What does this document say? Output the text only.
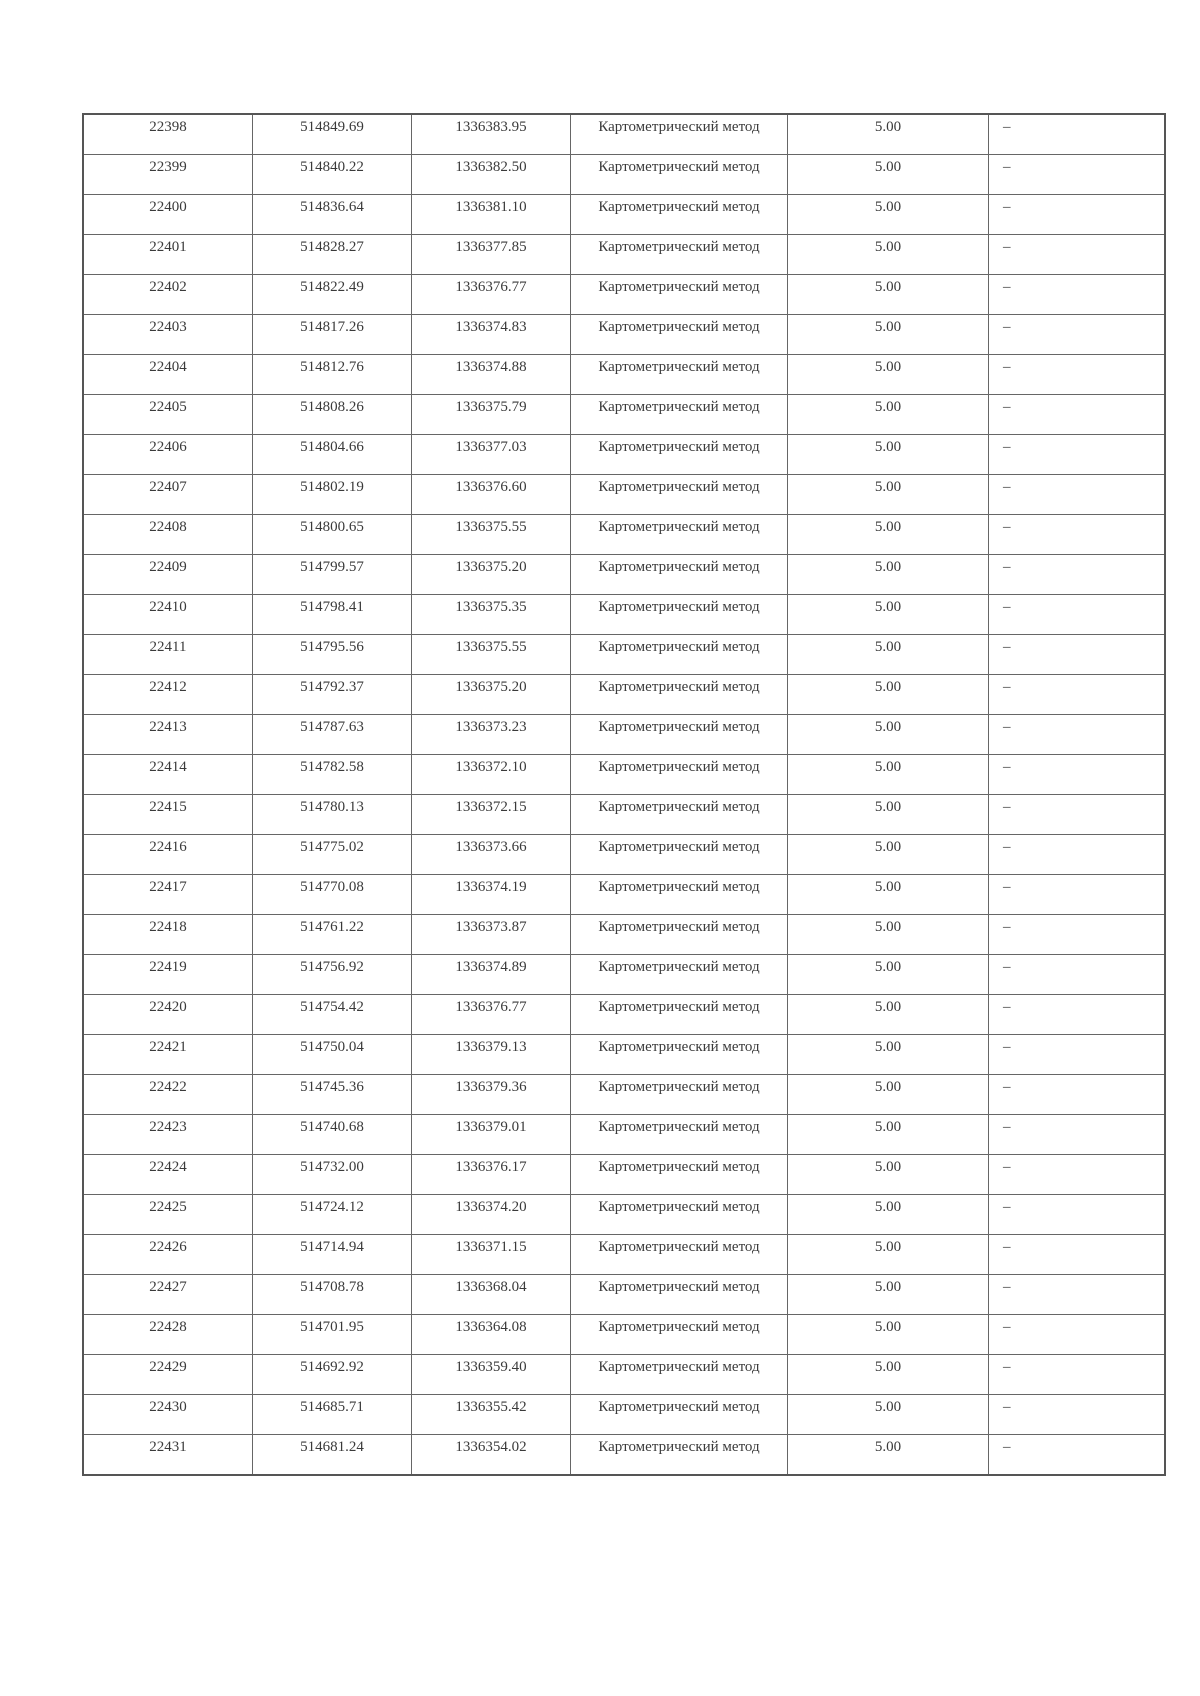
22398	514849.69	1336383.95	Картометрический метод	5.00	–

22399	514840.22	1336382.50	Картометрический метод	5.00	–

22400	514836.64	1336381.10	Картометрический метод	5.00	–

22401	514828.27	1336377.85	Картометрический метод	5.00	–

22402	514822.49	1336376.77	Картометрический метод	5.00	–

22403	514817.26	1336374.83	Картометрический метод	5.00	–

22404	514812.76	1336374.88	Картометрический метод	5.00	–

22405	514808.26	1336375.79	Картометрический метод	5.00	–

22406	514804.66	1336377.03	Картометрический метод	5.00	–

22407	514802.19	1336376.60	Картометрический метод	5.00	–

22408	514800.65	1336375.55	Картометрический метод	5.00	–

22409	514799.57	1336375.20	Картометрический метод	5.00	–

22410	514798.41	1336375.35	Картометрический метод	5.00	–

22411	514795.56	1336375.55	Картометрический метод	5.00	–

22412	514792.37	1336375.20	Картометрический метод	5.00	–

22413	514787.63	1336373.23	Картометрический метод	5.00	–

22414	514782.58	1336372.10	Картометрический метод	5.00	–

22415	514780.13	1336372.15	Картометрический метод	5.00	–

22416	514775.02	1336373.66	Картометрический метод	5.00	–

22417	514770.08	1336374.19	Картометрический метод	5.00	–

22418	514761.22	1336373.87	Картометрический метод	5.00	–

22419	514756.92	1336374.89	Картометрический метод	5.00	–

22420	514754.42	1336376.77	Картометрический метод	5.00	–

22421	514750.04	1336379.13	Картометрический метод	5.00	–

22422	514745.36	1336379.36	Картометрический метод	5.00	–

22423	514740.68	1336379.01	Картометрический метод	5.00	–

22424	514732.00	1336376.17	Картометрический метод	5.00	–

22425	514724.12	1336374.20	Картометрический метод	5.00	–

22426	514714.94	1336371.15	Картометрический метод	5.00	–

22427	514708.78	1336368.04	Картометрический метод	5.00	–

22428	514701.95	1336364.08	Картометрический метод	5.00	–

22429	514692.92	1336359.40	Картометрический метод	5.00	–

22430	514685.71	1336355.42	Картометрический метод	5.00	–

22431	514681.24	1336354.02	Картометрический метод	5.00	–
